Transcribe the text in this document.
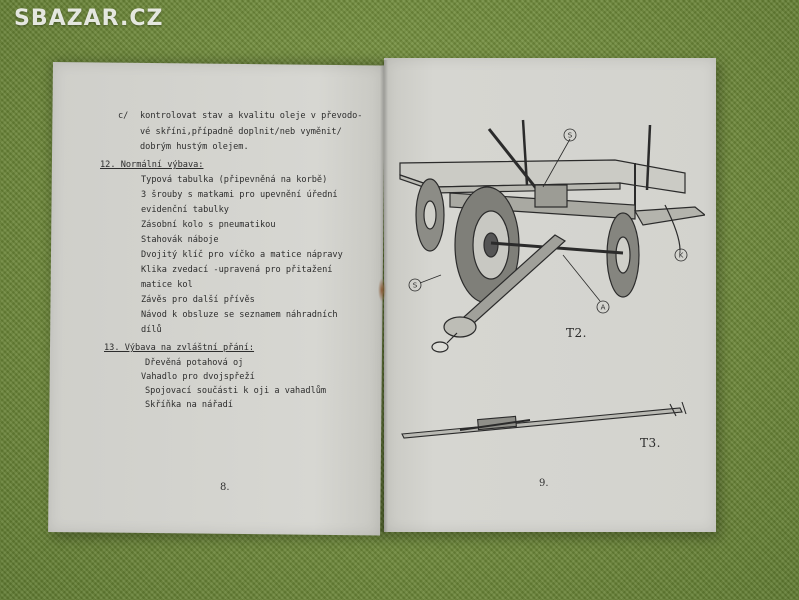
SBAZAR.CZ
c/ kontrolovat stav a kvalitu oleje v převodo-
vé skříni,případně doplnit/neb vyměnit/
dobrým hustým olejem.
12. Normální výbava:
Typová tabulka (připevněná na korbě)
3 šrouby s matkami pro upevnění úřední
evidenční tabulky
Zásobní kolo s pneumatikou
Stahovák náboje
Dvojitý klíč pro víčko a matice nápravy
Klika zvedací -upravená pro přitažení
matice kol
Závěs pro další přívěs
Návod k obsluze se seznamem náhradních
dílů
13. Výbava na zvláštní přání:
Dřevěná potahová oj
Vahadlo pro dvojspřeží
Spojovací součásti k oji a vahadlům
Skříňka na nářadí
8.	9.
S
S
K
A
T2.
T3.
